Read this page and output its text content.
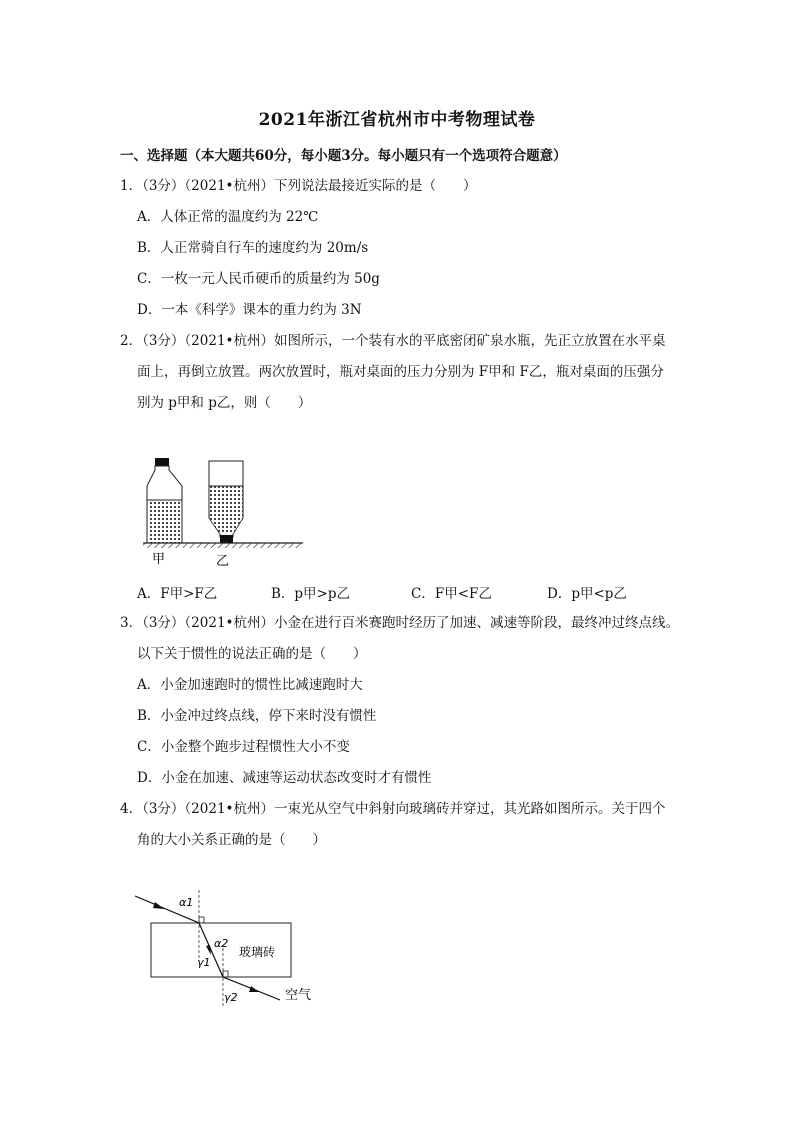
2021年浙江省杭州市中考物理试卷
一、选择题（本大题共60分，每小题3分。每小题只有一个选项符合题意）
1．（3分）（2021•杭州）下列说法最接近实际的是（　　）
A．人体正常的温度约为 22℃
B．人正常骑自行车的速度约为 20m/s
C．一枚一元人民币硬币的质量约为 50g
D．一本《科学》课本的重力约为 3N
2．（3分）（2021•杭州）如图所示，一个装有水的平底密闭矿泉水瓶，先正立放置在水平桌
面上，再倒立放置。两次放置时，瓶对桌面的压力分别为 F甲和 F乙，瓶对桌面的压强分
别为 p甲和 p乙，则（　　）
甲	乙
A．F甲>F乙	B．p甲>p乙	C．F甲<F乙	D．p甲<p乙
3．（3分）（2021•杭州）小金在进行百米赛跑时经历了加速、减速等阶段，最终冲过终点线。
以下关于惯性的说法正确的是（　　）
A．小金加速跑时的惯性比减速跑时大
B．小金冲过终点线，停下来时没有惯性
C．小金整个跑步过程惯性大小不变
D．小金在加速、减速等运动状态改变时才有惯性
4．（3分）（2021•杭州）一束光从空气中斜射向玻璃砖并穿过，其光路如图所示。关于四个
角的大小关系正确的是（　　）
α1
α2
γ1
γ2
玻璃砖
空气
